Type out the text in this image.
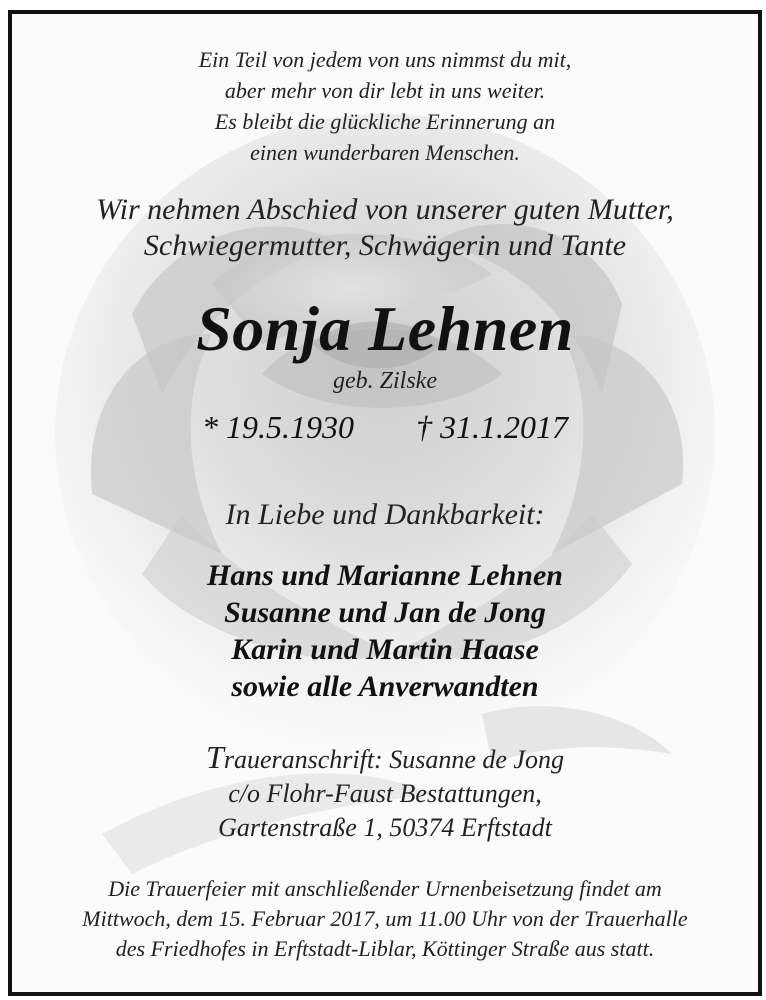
Ein Teil von jedem von uns nimmst du mit,
aber mehr von dir lebt in uns weiter.
Es bleibt die glückliche Erinnerung an
einen wunderbaren Menschen.
Wir nehmen Abschied von unserer guten Mutter,
Schwiegermutter, Schwägerin und Tante
Sonja Lehnen
geb. Zilske
* 19.5.1930 † 31.1.2017
In Liebe und Dankbarkeit:
Hans und Marianne Lehnen
Susanne und Jan de Jong
Karin und Martin Haase
sowie alle Anverwandten
Traueranschrift: Susanne de Jong
c/o Flohr-Faust Bestattungen,
Gartenstraße 1, 50374 Erftstadt
Die Trauerfeier mit anschließender Urnenbeisetzung findet am
Mittwoch, dem 15. Februar 2017, um 11.00 Uhr von der Trauerhalle
des Friedhofes in Erftstadt-Liblar, Köttinger Straße aus statt.
